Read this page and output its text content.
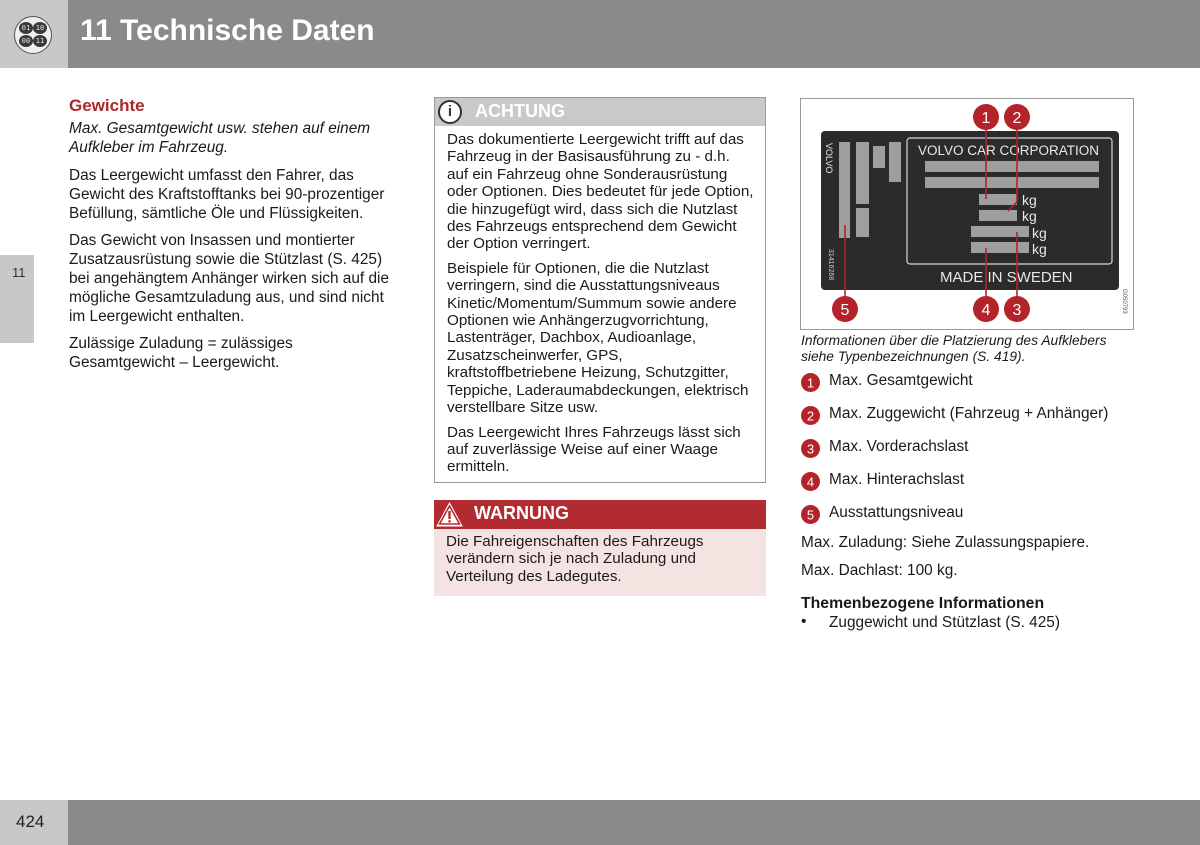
01 10
00 11 11 Technische Daten
11
Gewichte

Max. Gesamtgewicht usw. stehen auf einem Aufkleber im Fahrzeug.

Das Leergewicht umfasst den Fahrer, das Gewicht des Kraftstofftanks bei 90-prozentiger Befüllung, sämtliche Öle und Flüssigkeiten.

Das Gewicht von Insassen und montierter Zusatzausrüstung sowie die Stützlast (S. 425) bei angehängtem Anhänger wirken sich auf die mögliche Gesamtzuladung aus, und sind nicht im Leergewicht enthalten.

Zulässige Zuladung = zulässiges Gesamtgewicht – Leergewicht.

i	ACHTUNG

Das dokumentierte Leergewicht trifft auf das Fahrzeug in der Basisausführung zu - d.h. auf ein Fahrzeug ohne Sonderausrüstung oder Optionen. Dies bedeutet für jede Option, die hinzugefügt wird, dass sich die Nutzlast des Fahrzeugs entsprechend dem Gewicht der Option verringert.

Beispiele für Optionen, die die Nutzlast verringern, sind die Ausstattungsniveaus Kinetic/Momentum/Summum sowie andere Optionen wie Anhängerzugvorrichtung, Lastenträger, Dachbox, Audioanlage, Zusatzscheinwerfer, GPS, kraftstoffbetriebene Heizung, Schutzgitter, Teppiche, Laderaumabdeckungen, elektrisch verstellbare Sitze usw.

Das Leergewicht Ihres Fahrzeugs lässt sich auf zuverlässige Weise auf einer Waage ermitteln.

WARNUNG

Die Fahreigenschaften des Fahrzeugs verändern sich je nach Zuladung und Verteilung des Ladegutes.

VOLVO
31416268
VOLVO CAR CORPORATION
kg
kg
kg
kg
MADE IN SWEDEN
G050793
1 2
3
4
5
Informationen über die Platzierung des Aufklebers siehe Typenbezeichnungen (S. 419).
1 Max. Gesamtgewicht
2 Max. Zuggewicht (Fahrzeug + Anhänger)
3 Max. Vorderachslast
4 Max. Hinterachslast
5 Ausstattungsniveau
Max. Zuladung: Siehe Zulassungspapiere.
Max. Dachlast: 100 kg.
Themenbezogene Informationen
• Zuggewicht und Stützlast (S. 425)
424
